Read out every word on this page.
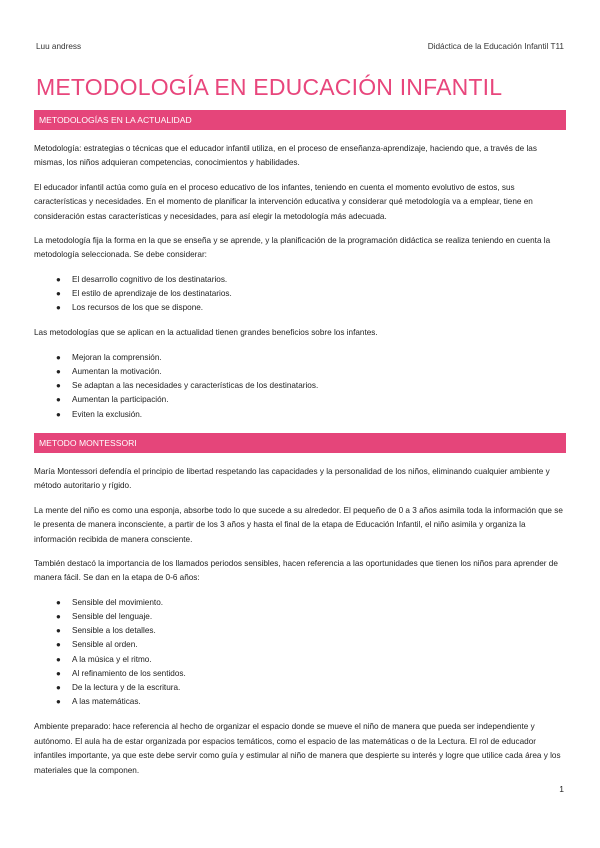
Luu andress	Didáctica de la Educación Infantil T11
METODOLOGÍA EN EDUCACIÓN INFANTIL
METODOLOGÍAS EN LA ACTUALIDAD

Metodología: estrategias o técnicas que el educador infantil utiliza, en el proceso de enseñanza-aprendizaje, haciendo que, a través de las mismas, los niños adquieran competencias, conocimientos y habilidades.

El educador infantil actúa como guía en el proceso educativo de los infantes, teniendo en cuenta el momento evolutivo de estos, sus características y necesidades. En el momento de planificar la intervención educativa y considerar qué metodología va a emplear, tiene en consideración estas características y necesidades, para así elegir la metodología más adecuada.

La metodología fija la forma en la que se enseña y se aprende, y la planificación de la programación didáctica se realiza teniendo en cuenta la metodología seleccionada. Se debe considerar:

● El desarrollo cognitivo de los destinatarios.
● El estilo de aprendizaje de los destinatarios.
● Los recursos de los que se dispone.

Las metodologías que se aplican en la actualidad tienen grandes beneficios sobre los infantes.

● Mejoran la comprensión.
● Aumentan la motivación.
● Se adaptan a las necesidades y características de los destinatarios.
● Aumentan la participación.
● Eviten la exclusión.
METODO MONTESSORI

María Montessori defendía el principio de libertad respetando las capacidades y la personalidad de los niños, eliminando cualquier ambiente y método autoritario y rígido.

La mente del niño es como una esponja, absorbe todo lo que sucede a su alrededor. El pequeño de 0 a 3 años asimila toda la información que se le presenta de manera inconsciente, a partir de los 3 años y hasta el final de la etapa de Educación Infantil, el niño asimila y organiza la información recibida de manera consciente.

También destacó la importancia de los llamados periodos sensibles, hacen referencia a las oportunidades que tienen los niños para aprender de manera fácil. Se dan en la etapa de 0-6 años:

● Sensible del movimiento.
● Sensible del lenguaje.
● Sensible a los detalles.
● Sensible al orden.
● A la música y el ritmo.
● Al refinamiento de los sentidos.
● De la lectura y de la escritura.
● A las matemáticas.

Ambiente preparado: hace referencia al hecho de organizar el espacio donde se mueve el niño de manera que pueda ser independiente y autónomo. El aula ha de estar organizada por espacios temáticos, como el espacio de las matemáticas o de la Lectura. El rol de educador infantiles importante, ya que este debe servir como guía y estimular al niño de manera que despierte su interés y logre que utilice cada área y los materiales que la componen.

1
